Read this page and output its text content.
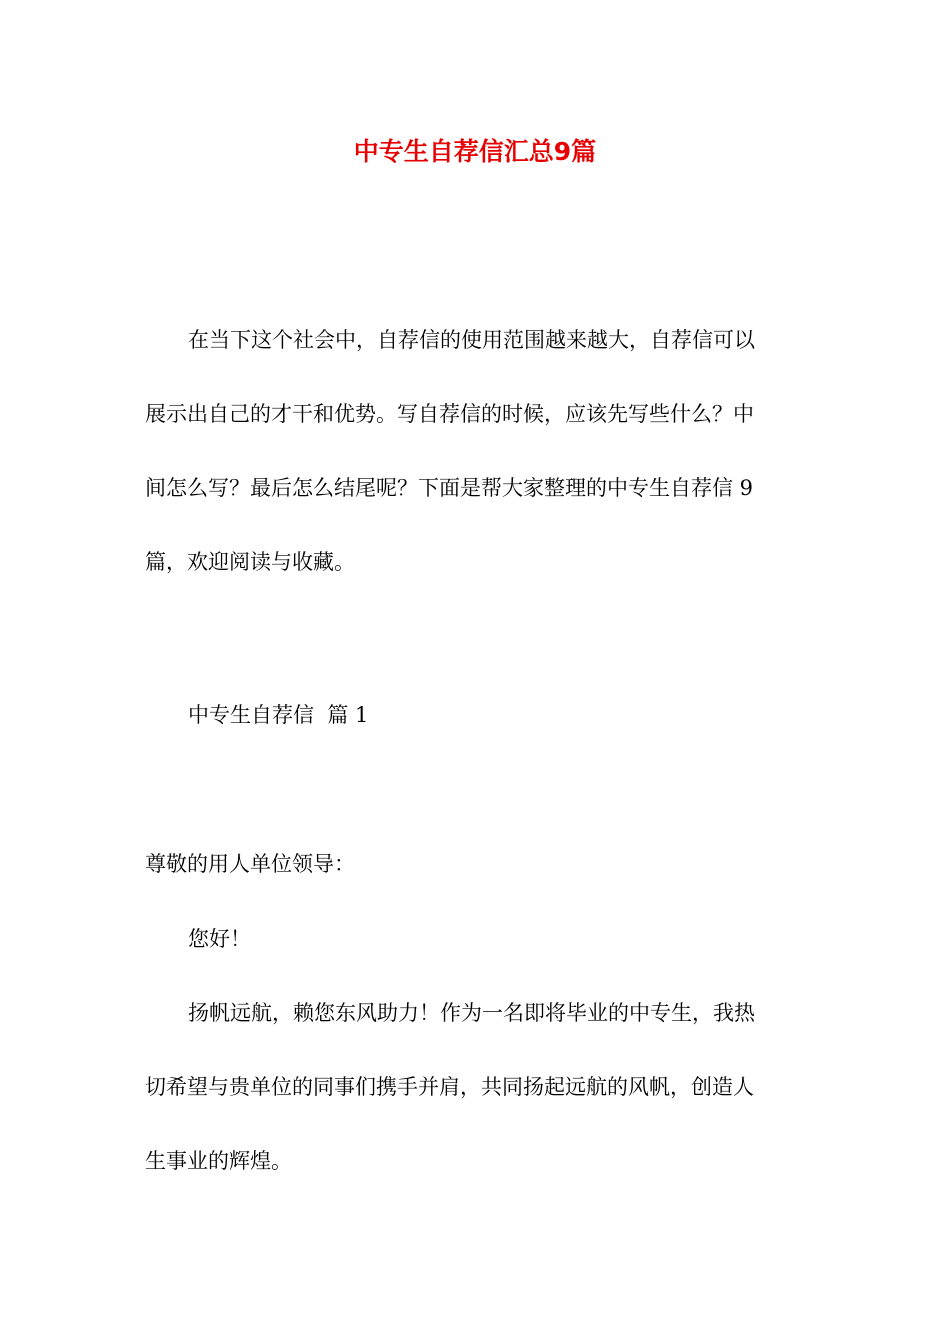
中专生自荐信汇总9篇
在当下这个社会中，自荐信的使用范围越来越大，自荐信可以
展示出自己的才干和优势。写自荐信的时候，应该先写些什么？中
间怎么写？最后怎么结尾呢？下面是帮大家整理的中专生自荐信 9
篇，欢迎阅读与收藏。
中专生自荐信  篇 1
尊敬的用人单位领导：
您好！
扬帆远航，赖您东风助力！作为一名即将毕业的中专生，我热
切希望与贵单位的同事们携手并肩，共同扬起远航的风帆，创造人
生事业的辉煌。
